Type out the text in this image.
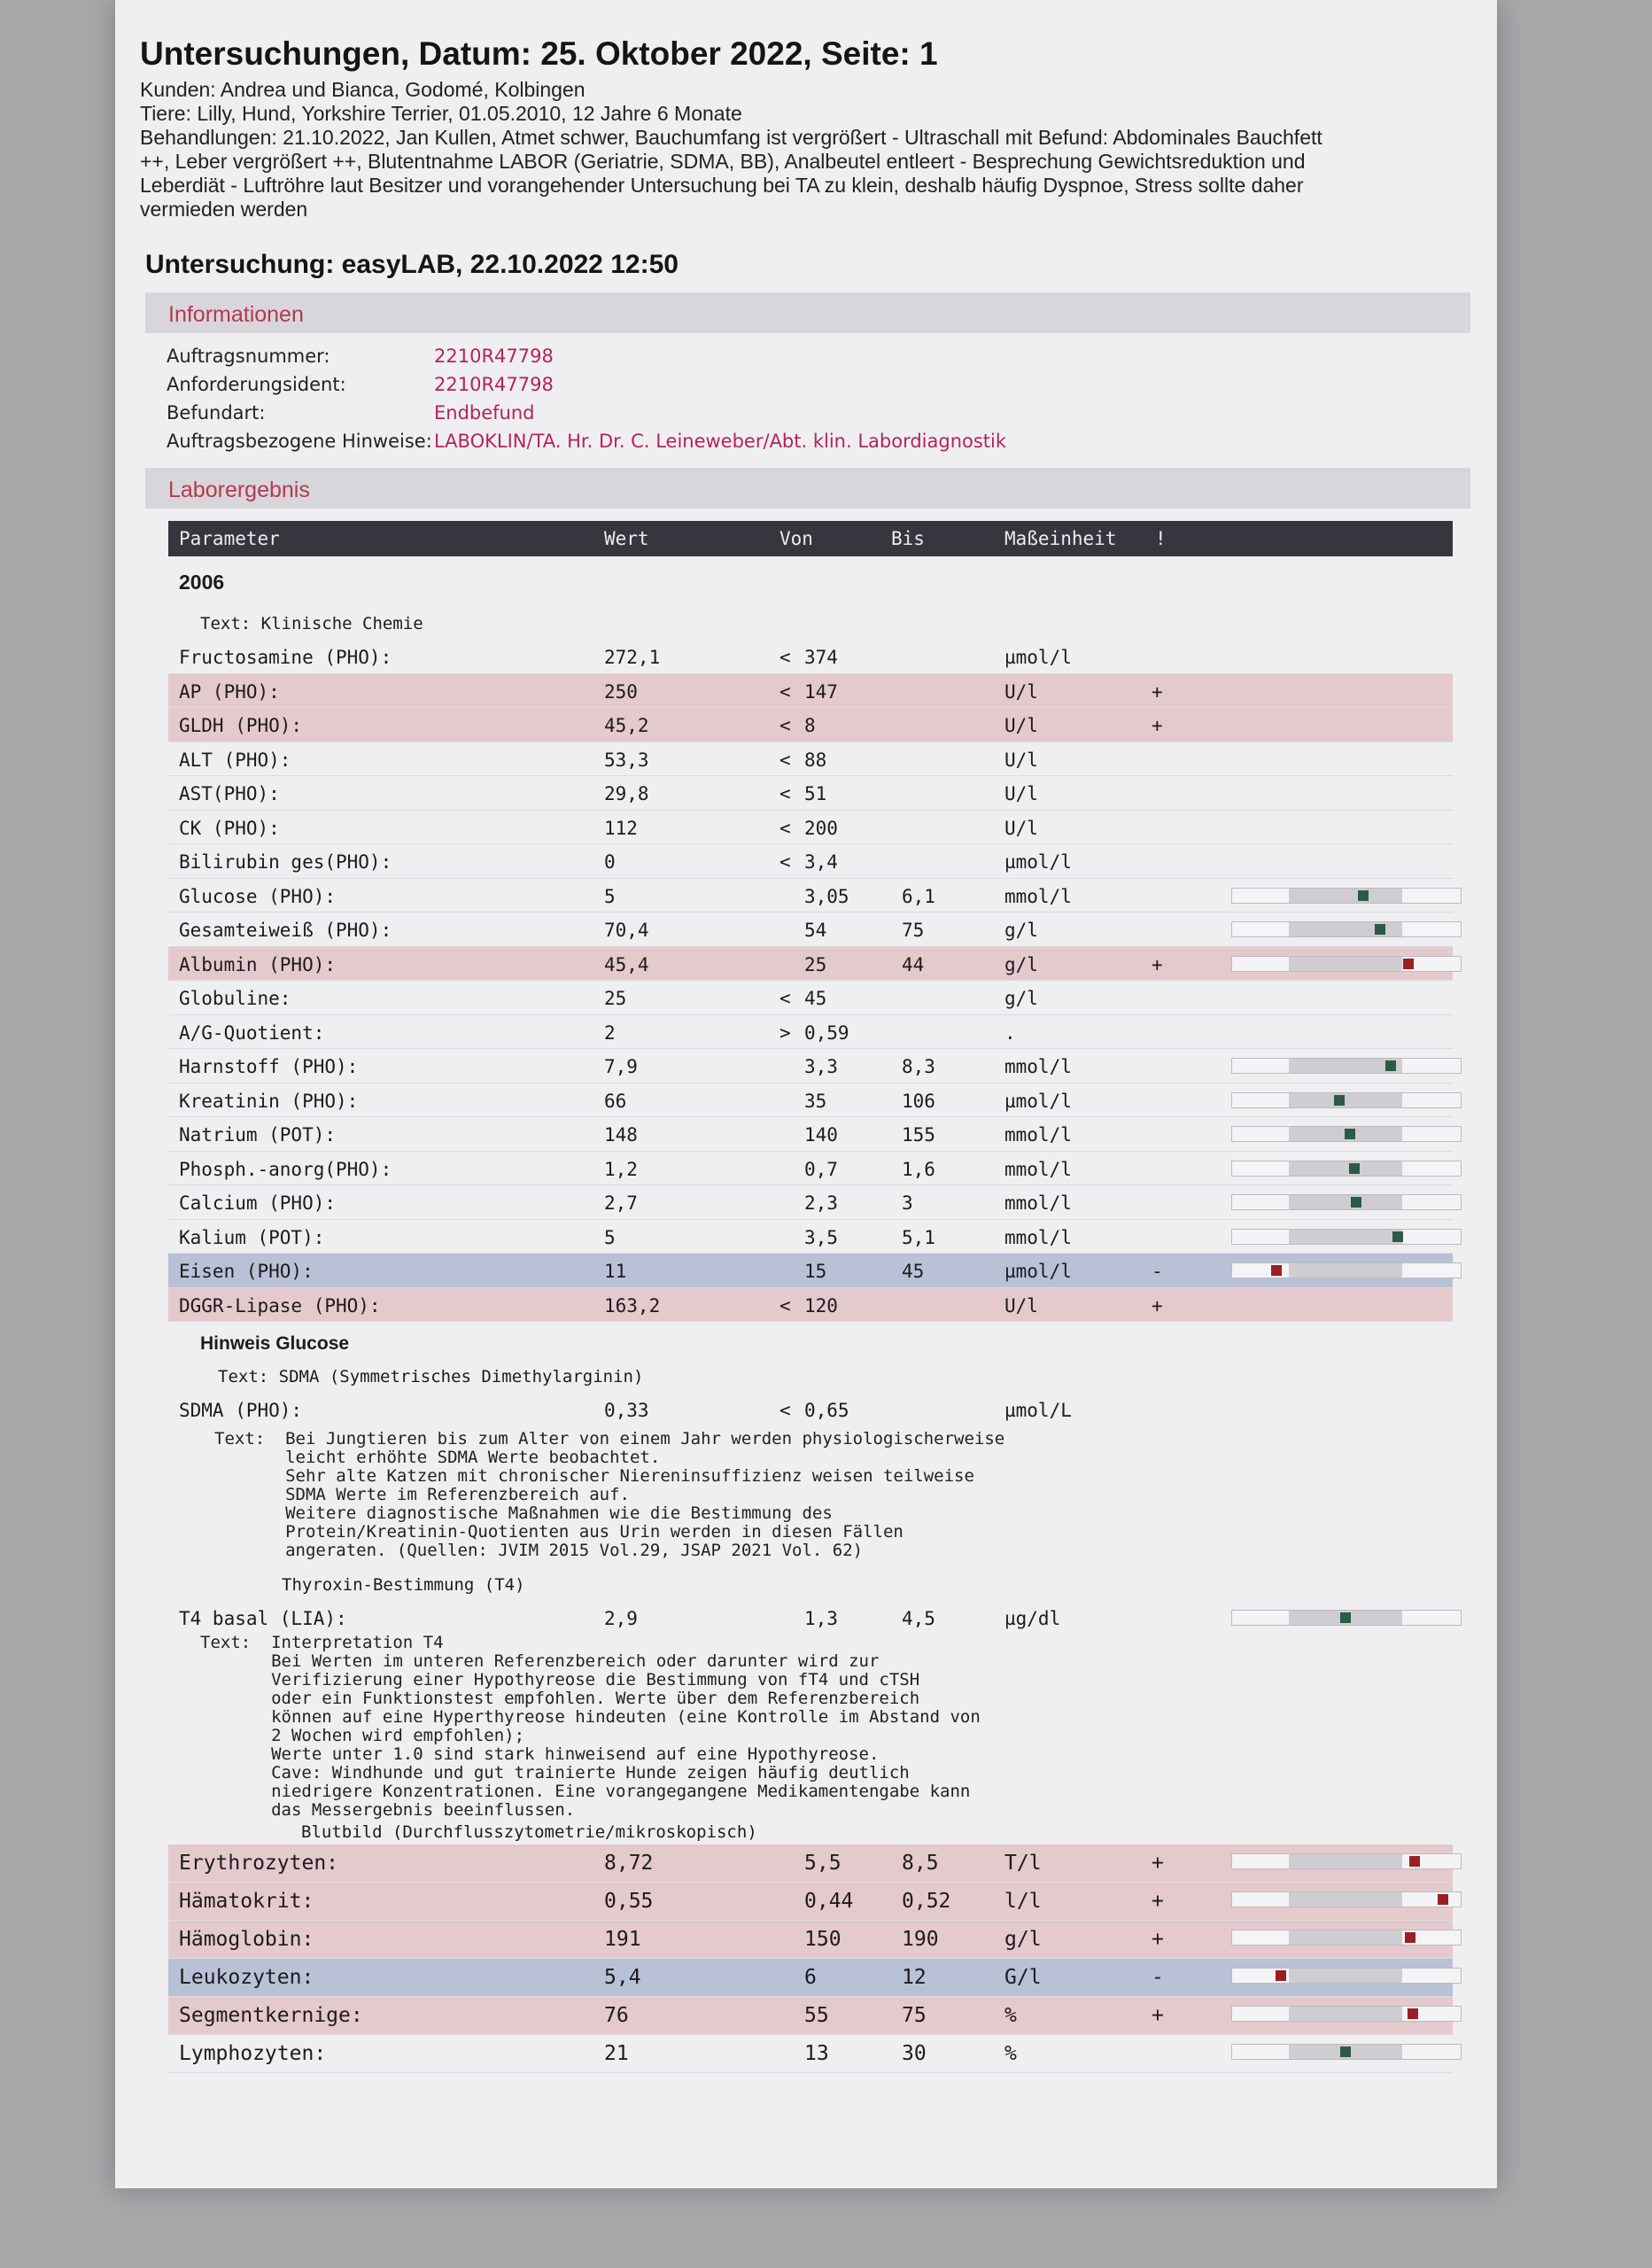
Untersuchungen, Datum: 25. Oktober 2022, Seite: 1
Kunden: Andrea und Bianca, Godomé, Kolbingen
Tiere: Lilly, Hund, Yorkshire Terrier, 01.05.2010, 12 Jahre 6 Monate
Behandlungen: 21.10.2022, Jan Kullen, Atmet schwer, Bauchumfang ist vergrößert - Ultraschall mit Befund: Abdominales Bauchfett
++, Leber vergrößert ++, Blutentnahme LABOR (Geriatrie, SDMA, BB), Analbeutel entleert - Besprechung Gewichtsreduktion und
Leberdiät - Luftröhre laut Besitzer und vorangehender Untersuchung bei TA zu klein, deshalb häufig Dyspnoe, Stress sollte daher
vermieden werden
Untersuchung: easyLAB, 22.10.2022 12:50
Informationen
Auftragsnummer:	2210R47798
Anforderungsident:	2210R47798
Befundart:	Endbefund
Auftragsbezogene Hinweise: LABOKLIN/TA. Hr. Dr. C. Leineweber/Abt. klin. Labordiagnostik
Laborergebnis
Parameter	Wert	Von	Bis	Maßeinheit !
2006
Text: Klinische Chemie
Fructosamine (PHO):	272,1	< 374	µmol/l
AP (PHO):	250	< 147	U/l	+
GLDH (PHO):	45,2	< 8	U/l	+
ALT (PHO):	53,3	< 88	U/l
AST(PHO):	29,8	< 51	U/l
CK (PHO):	112	< 200	U/l
Bilirubin ges(PHO):	0	< 3,4	µmol/l
Glucose (PHO):	5	3,05	6,1	mmol/l
Gesamteiweiß (PHO):	70,4	54	75	g/l
Albumin (PHO):	45,4	25	44	g/l	+
Globuline:	25	< 45	g/l
A/G-Quotient:	2	> 0,59	.
Harnstoff (PHO):	7,9	3,3	8,3	mmol/l
Kreatinin (PHO):	66	35	106	µmol/l
Natrium (POT):	148	140	155	mmol/l
Phosph.-anorg(PHO):	1,2	0,7	1,6	mmol/l
Calcium (PHO):	2,7	2,3	3	mmol/l
Kalium (POT):	5	3,5	5,1	mmol/l
Eisen (PHO):	11	15	45	µmol/l	-
DGGR-Lipase (PHO):	163,2	< 120	U/l	+
Hinweis Glucose
Text: SDMA (Symmetrisches Dimethylarginin)
SDMA (PHO):	0,33	< 0,65	µmol/L
Text:  Bei Jungtieren bis zum Alter von einem Jahr werden physiologischerweise
leicht erhöhte SDMA Werte beobachtet.
Sehr alte Katzen mit chronischer Niereninsuffizienz weisen teilweise
SDMA Werte im Referenzbereich auf.
Weitere diagnostische Maßnahmen wie die Bestimmung des
Protein/Kreatinin-Quotienten aus Urin werden in diesen Fällen
angeraten. (Quellen: JVIM 2015 Vol.29, JSAP 2021 Vol. 62)
Thyroxin-Bestimmung (T4)
T4 basal (LIA):	2,9	1,3	4,5	µg/dl
Text:  Interpretation T4
Bei Werten im unteren Referenzbereich oder darunter wird zur
Verifizierung einer Hypothyreose die Bestimmung von fT4 und cTSH
oder ein Funktionstest empfohlen. Werte über dem Referenzbereich
können auf eine Hyperthyreose hindeuten (eine Kontrolle im Abstand von
2 Wochen wird empfohlen);
Werte unter 1.0 sind stark hinweisend auf eine Hypothyreose.
Cave: Windhunde und gut trainierte Hunde zeigen häufig deutlich
niedrigere Konzentrationen. Eine vorangegangene Medikamentengabe kann
das Messergebnis beeinflussen.
Blutbild (Durchflusszytometrie/mikroskopisch)
Erythrozyten:	8,72	5,5	8,5	T/l	+
Hämatokrit:	0,55	0,44 0,52	l/l	+
Hämoglobin:	191	150	190	g/l	+
Leukozyten:	5,4	6	12	G/l	-
Segmentkernige:	76	55	75	%	+
Lymphozyten:	21	13	30	%
